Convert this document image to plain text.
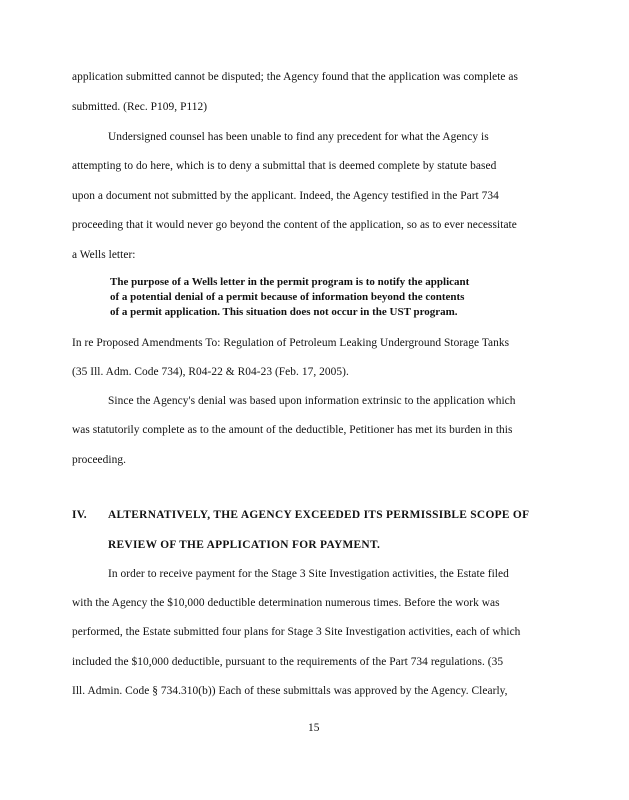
application submitted cannot be disputed; the Agency found that the application was complete as
submitted. (Rec. P109, P112)
Undersigned counsel has been unable to find any precedent for what the Agency is
attempting to do here, which is to deny a submittal that is deemed complete by statute based
upon a document not submitted by the applicant. Indeed, the Agency testified in the Part 734
proceeding that it would never go beyond the content of the application, so as to ever necessitate
a Wells letter:
The purpose of a Wells letter in the permit program is to notify the applicant
of a potential denial of a permit because of information beyond the contents
of a permit application. This situation does not occur in the UST program.
In re Proposed Amendments To: Regulation of Petroleum Leaking Underground Storage Tanks
(35 Ill. Adm. Code 734), R04-22 & R04-23 (Feb. 17, 2005).
Since the Agency's denial was based upon information extrinsic to the application which
was statutorily complete as to the amount of the deductible, Petitioner has met its burden in this
proceeding.
IV. ALTERNATIVELY, THE AGENCY EXCEEDED ITS PERMISSIBLE SCOPE OF
REVIEW OF THE APPLICATION FOR PAYMENT.
In order to receive payment for the Stage 3 Site Investigation activities, the Estate filed
with the Agency the $10,000 deductible determination numerous times. Before the work was
performed, the Estate submitted four plans for Stage 3 Site Investigation activities, each of which
included the $10,000 deductible, pursuant to the requirements of the Part 734 regulations. (35
Ill. Admin. Code § 734.310(b)) Each of these submittals was approved by the Agency. Clearly,
15
